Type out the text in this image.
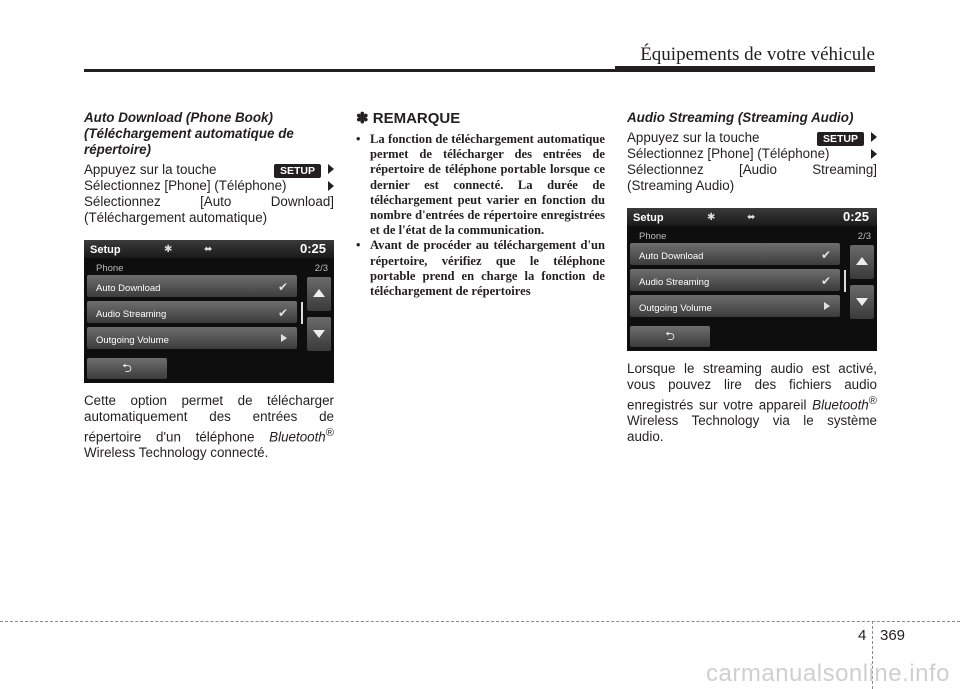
Équipements de votre véhicule
Auto Download (Phone Book) (Téléchargement automatique de répertoire)
Appuyez sur la touche	SETUP
Sélectionnez [Phone] (Téléphone)
Sélectionnez [Auto Download] (Téléchargement automatique)
Setup	✱	⬌	0:25
Phone	2/3
Auto Download	✔
Audio Streaming	✔
Outgoing Volume
⮌
Cette option permet de télécharger automatiquement des entrées de répertoire d'un téléphone Bluetooth® Wireless Technology connecté.
✽ REMARQUE
• La fonction de téléchargement automatique permet de télécharger des entrées de répertoire de téléphone portable lorsque ce dernier est connecté. La durée de téléchargement peut varier en fonction du nombre d'entrées de répertoire enregistrées et de l'état de la communication.
• Avant de procéder au téléchargement d'un répertoire, vérifiez que le téléphone portable prend en charge la fonction de téléchargement de répertoires
Audio Streaming (Streaming Audio)
Appuyez sur la touche	SETUP
Sélectionnez [Phone] (Téléphone)
Sélectionnez [Audio Streaming] (Streaming Audio)
Setup	✱	⬌	0:25
Phone	2/3
Auto Download	✔
Audio Streaming	✔
Outgoing Volume
⮌
Lorsque le streaming audio est activé, vous pouvez lire des fichiers audio enregistrés sur votre appareil Bluetooth® Wireless Technology via le système audio.
4 369
carmanualsonline.info
